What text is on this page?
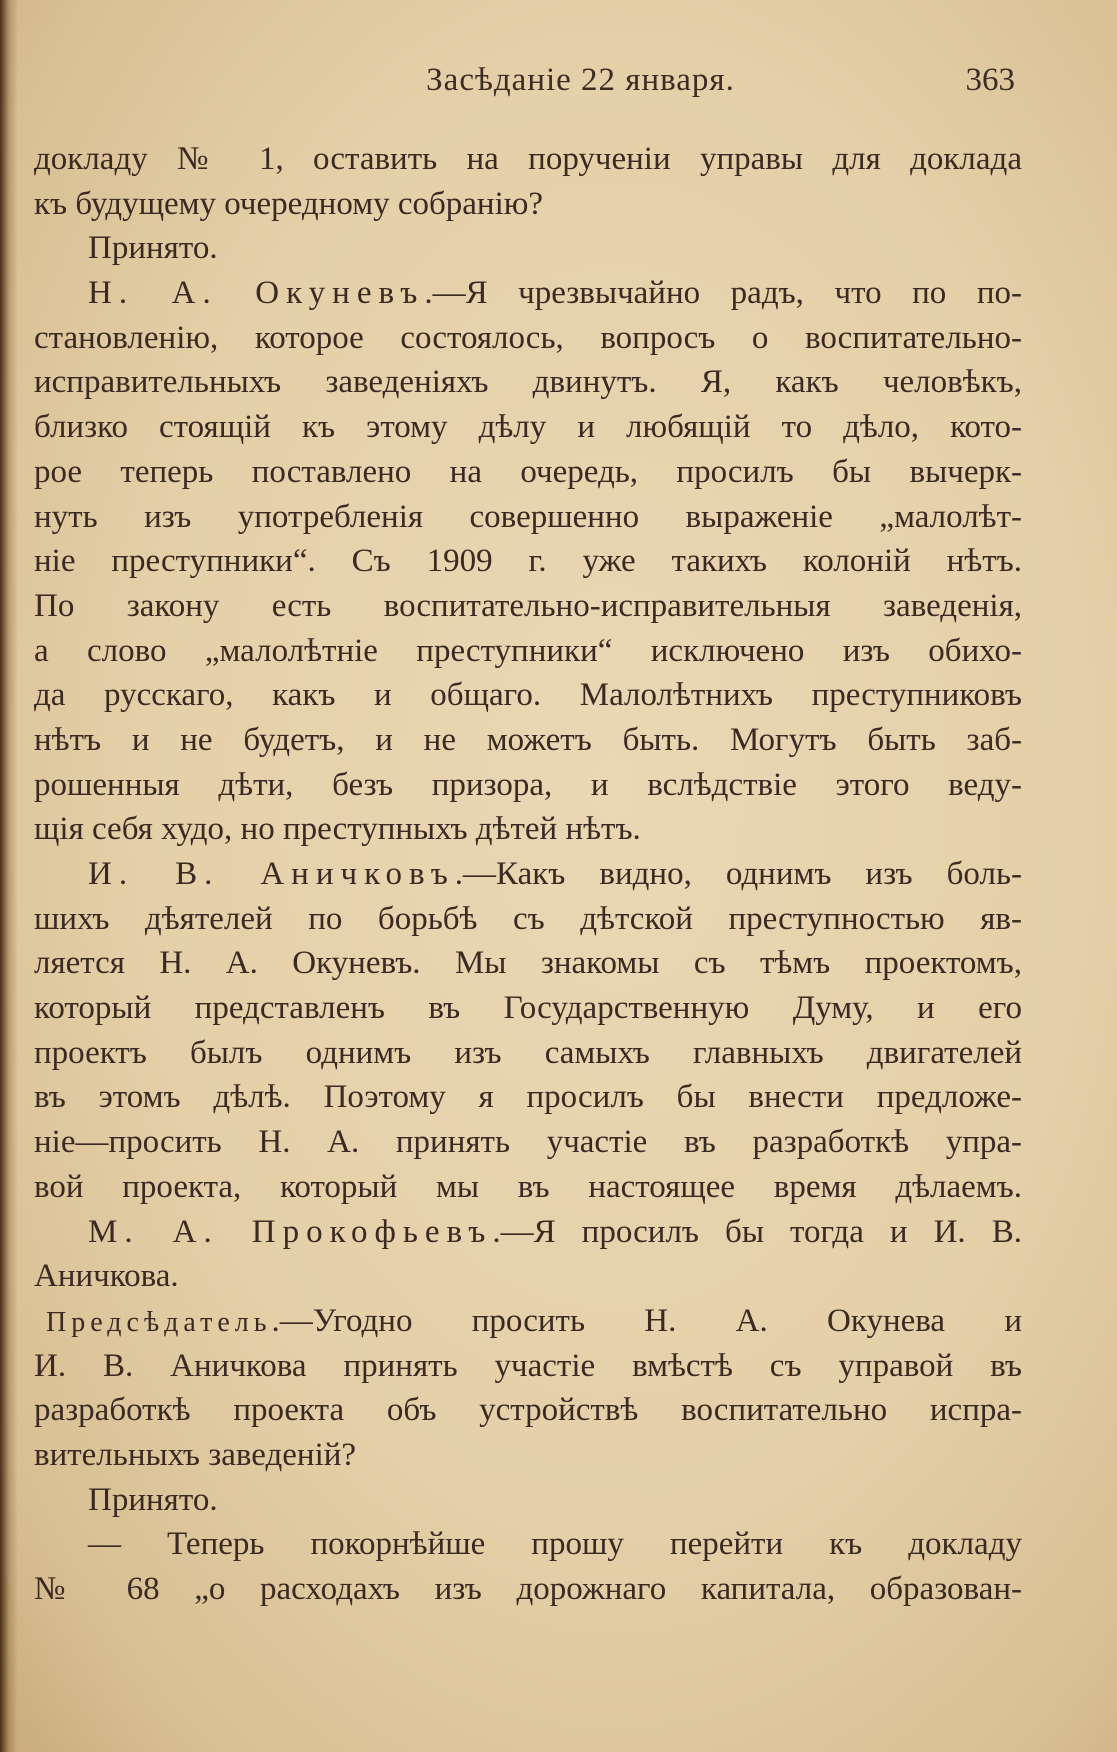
Засѣданіе 22 января.	363
докладу № 1, оставить на порученіи управы для доклада
къ будущему очередному собранію?
Принято.
Н. А. Окуневъ.—Я чрезвычайно радъ, что по по-
становленію, которое состоялось, вопросъ о воспитательно-
исправительныхъ заведеніяхъ двинутъ. Я, какъ человѣкъ,
близко стоящій къ этому дѣлу и любящій то дѣло, кото-
рое теперь поставлено на очередь, просилъ бы вычерк-
нуть изъ употребленія совершенно выраженіе „малолѣт-
ніе преступники“. Съ 1909 г. уже такихъ колоній нѣтъ.
По закону есть воспитательно-исправительныя заведенія,
а слово „малолѣтніе преступники“ исключено изъ обихо-
да русскаго, какъ и общаго. Малолѣтнихъ преступниковъ
нѣтъ и не будетъ, и не можетъ быть. Могутъ быть заб-
рошенныя дѣти, безъ призора, и вслѣдствіе этого веду-
щія себя худо, но преступныхъ дѣтей нѣтъ.
И. В. Аничковъ.—Какъ видно, однимъ изъ боль-
шихъ дѣятелей по борьбѣ съ дѣтской преступностью яв-
ляется Н. А. Окуневъ. Мы знакомы съ тѣмъ проектомъ,
который представленъ въ Государственную Думу, и его
проектъ былъ однимъ изъ самыхъ главныхъ двигателей
въ этомъ дѣлѣ. Поэтому я просилъ бы внести предложе-
ніе—просить Н. А. принять участіе въ разработкѣ упра-
вой проекта, который мы въ настоящее время дѣлаемъ.
М. А. Прокофьевъ.—Я просилъ бы тогда и И. В.
Аничкова.
Предсѣдатель.—Угодно просить Н. А. Окунева и
И. В. Аничкова принять участіе вмѣстѣ съ управой въ
разработкѣ проекта объ устройствѣ воспитательно испра-
вительныхъ заведеній?
Принято.
— Теперь покорнѣйше прошу перейти къ докладу
№ 68 „о расходахъ изъ дорожнаго капитала, образован-
